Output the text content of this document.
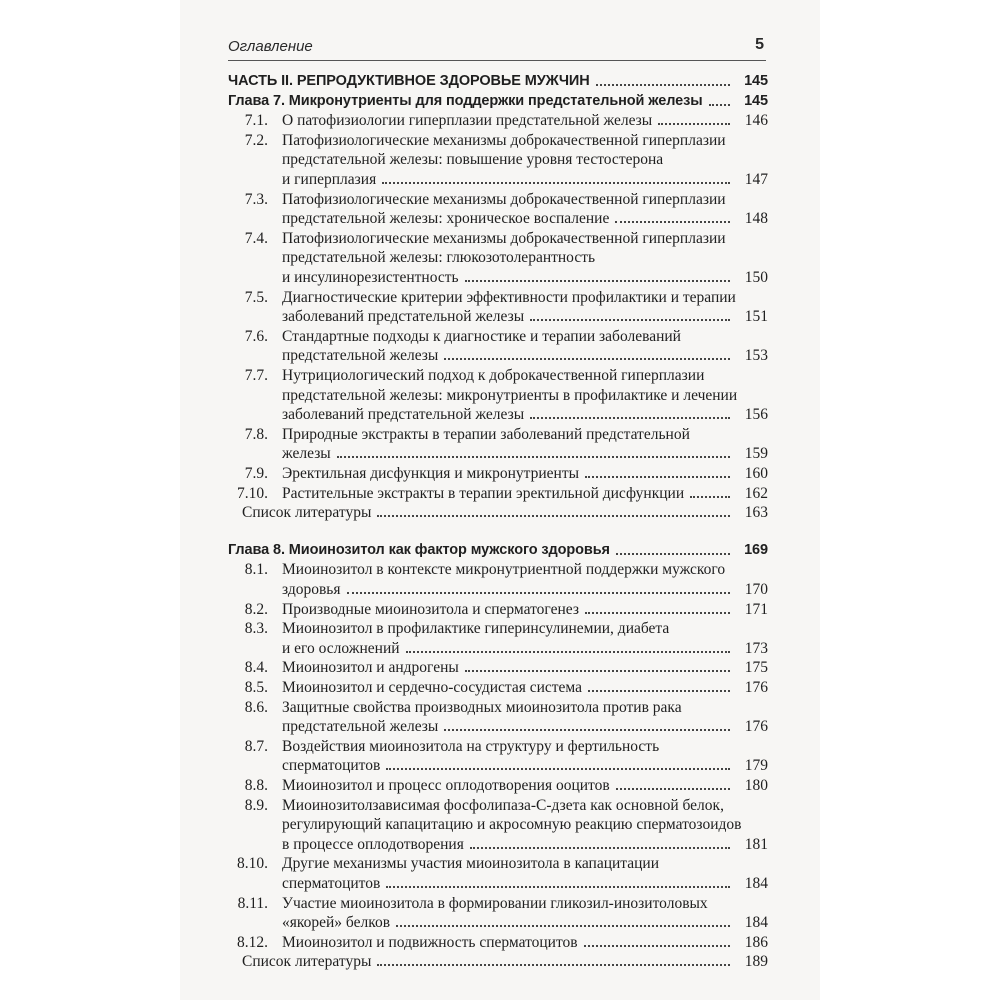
Оглавление	5
ЧАСТЬ II. РЕПРОДУКТИВНОЕ ЗДОРОВЬЕ МУЖЧИН	145
Глава 7. Микронутриенты для поддержки предстательной железы	145
7.1. О патофизиологии гиперплазии предстательной железы	146
7.2. Патофизиологические механизмы доброкачественной гиперплазии
предстательной железы: повышение уровня тестостерона
и гиперплазия	147
7.3. Патофизиологические механизмы доброкачественной гиперплазии
предстательной железы: хроническое воспаление	148
7.4. Патофизиологические механизмы доброкачественной гиперплазии
предстательной железы: глюкозотолерантность
и инсулинорезистентность	150
7.5. Диагностические критерии эффективности профилактики и терапии
заболеваний предстательной железы	151
7.6. Стандартные подходы к диагностике и терапии заболеваний
предстательной железы	153
7.7. Нутрициологический подход к доброкачественной гиперплазии
предстательной железы: микронутриенты в профилактике и лечении
заболеваний предстательной железы	156
7.8. Природные экстракты в терапии заболеваний предстательной
железы	159
7.9. Эректильная дисфункция и микронутриенты	160
7.10. Растительные экстракты в терапии эректильной дисфункции	162
Список литературы	163
Глава 8. Миоинозитол как фактор мужского здоровья	169
8.1. Миоинозитол в контексте микронутриентной поддержки мужского
здоровья	170
8.2. Производные миоинозитола и сперматогенез	171
8.3. Миоинозитол в профилактике гиперинсулинемии, диабета
и его осложнений	173
8.4. Миоинозитол и андрогены	175
8.5. Миоинозитол и сердечно-сосудистая система	176
8.6. Защитные свойства производных миоинозитола против рака
предстательной железы	176
8.7. Воздействия миоинозитола на структуру и фертильность
сперматоцитов	179
8.8. Миоинозитол и процесс оплодотворения ооцитов	180
8.9. Миоинозитолзависимая фосфолипаза-С-дзета как основной белок,
регулирующий капацитацию и акросомную реакцию сперматозоидов
в процессе оплодотворения	181
8.10. Другие механизмы участия миоинозитола в капацитации
сперматоцитов	184
8.11. Участие миоинозитола в формировании гликозил-инозитоловых
«якорей» белков	184
8.12. Миоинозитол и подвижность сперматоцитов	186
Список литературы	189
